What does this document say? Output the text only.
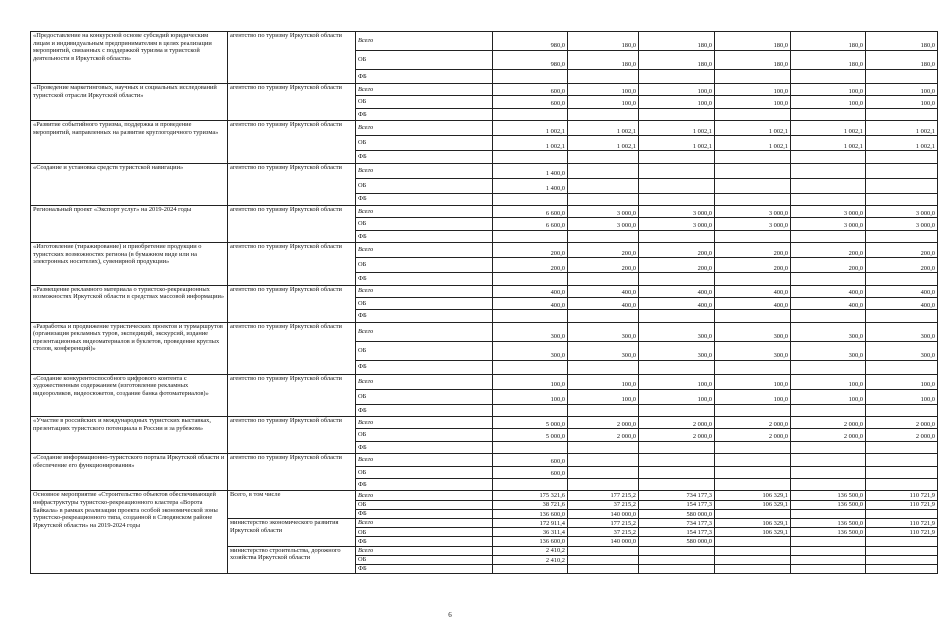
«Предоставление на конкурсной основе субсидий юридическим лицам и индивидуальным предпринимателям в целях реализации мероприятий, связанных с поддержкой туризма и туристской деятельности в Иркутской области»	агентство по туризму Иркутской области	Всего	980,0	180,0	180,0	180,0	180,0	180,0
		ОБ	980,0	180,0	180,0	180,0	180,0	180,0
		ФБ						
«Проведение маркетинговых, научных и социальных исследований туристской отрасли Иркутской области»	агентство по туризму Иркутской области	Всего	600,0	100,0	100,0	100,0	100,0	100,0
		ОБ	600,0	100,0	100,0	100,0	100,0	100,0
		ФБ						
«Развитие событийного туризма, поддержка и проведение мероприятий, направленных на развитие круглогодичного туризма»	агентство по туризму Иркутской области	Всего	1 002,1	1 002,1	1 002,1	1 002,1	1 002,1	1 002,1
		ОБ	1 002,1	1 002,1	1 002,1	1 002,1	1 002,1	1 002,1
		ФБ						
«Создание и установка средств туристской навигации»	агентство по туризму Иркутской области	Всего	1 400,0					
		ОБ	1 400,0					
		ФБ						
Региональный проект «Экспорт услуг» на 2019-2024 годы	агентство по туризму Иркутской области	Всего	6 600,0	3 000,0	3 000,0	3 000,0	3 000,0	3 000,0
		ОБ	6 600,0	3 000,0	3 000,0	3 000,0	3 000,0	3 000,0
		ФБ						
«Изготовление (тиражирование) и приобретение продукции о туристских возможностях региона (в бумажном виде или на электронных носителях), сувенирной продукции»	агентство по туризму Иркутской области	Всего	200,0	200,0	200,0	200,0	200,0	200,0
		ОБ	200,0	200,0	200,0	200,0	200,0	200,0
		ФБ						
«Размещение рекламного материала о туристско-рекреационных возможностях Иркутской области в средствах массовой информации»	агентство по туризму Иркутской области	Всего	400,0	400,0	400,0	400,0	400,0	400,0
		ОБ	400,0	400,0	400,0	400,0	400,0	400,0
		ФБ						
«Разработка и продвижение туристических проектов и турмаршрутов (организация рекламных туров, экспедиций, экскурсий, издание презентационных видеоматериалов и буклетов, проведение круглых столов, конференций)»	агентство по туризму Иркутской области	Всего	300,0	300,0	300,0	300,0	300,0	300,0
		ОБ	300,0	300,0	300,0	300,0	300,0	300,0
		ФБ						
«Создание конкурентоспособного цифрового контента с художественным содержанием (изготовление рекламных видеороликов, видеосюжетов, создание банка фотоматериалов)»	агентство по туризму Иркутской области	Всего	100,0	100,0	100,0	100,0	100,0	100,0
		ОБ	100,0	100,0	100,0	100,0	100,0	100,0
		ФБ						
«Участие в российских и международных туристских выставках, презентациях туристского потенциала в России и за рубежом»	агентство по туризму Иркутской области	Всего	5 000,0	2 000,0	2 000,0	2 000,0	2 000,0	2 000,0
		ОБ	5 000,0	2 000,0	2 000,0	2 000,0	2 000,0	2 000,0
		ФБ						
«Создание информационно-туристского портала Иркутской области и обеспечение его функционирования»	агентство по туризму Иркутской области	Всего	600,0					
		ОБ	600,0					
		ФБ						
Основное мероприятие «Строительство объектов обеспечивающей инфраструктуры туристско-рекреационного кластера «Ворота Байкала» в рамках реализации проекта особой экономической зоны туристско-рекреационного типа, созданной в Слюдянском районе Иркутской области» на 2019-2024 годы	Всего, в том числе	Всего	175 321,6	177 215,2	734 177,3	106 329,1	136 500,0	110 721,9
		ОБ	38 721,6	37 215,2	154 177,3	106 329,1	136 500,0	110 721,9
		ФБ	136 600,0	140 000,0	580 000,0			
	министерство экономического развития Иркутской области	Всего	172 911,4	177 215,2	734 177,3	106 329,1	136 500,0	110 721,9
		ОБ	36 311,4	37 215,2	154 177,3	106 329,1	136 500,0	110 721,9
		ФБ	136 600,0	140 000,0	580 000,0			
	министерство строительства, дорожного хозяйства Иркутской области	Всего	2 410,2					
		ОБ	2 410,2					
		ФБ						
6
